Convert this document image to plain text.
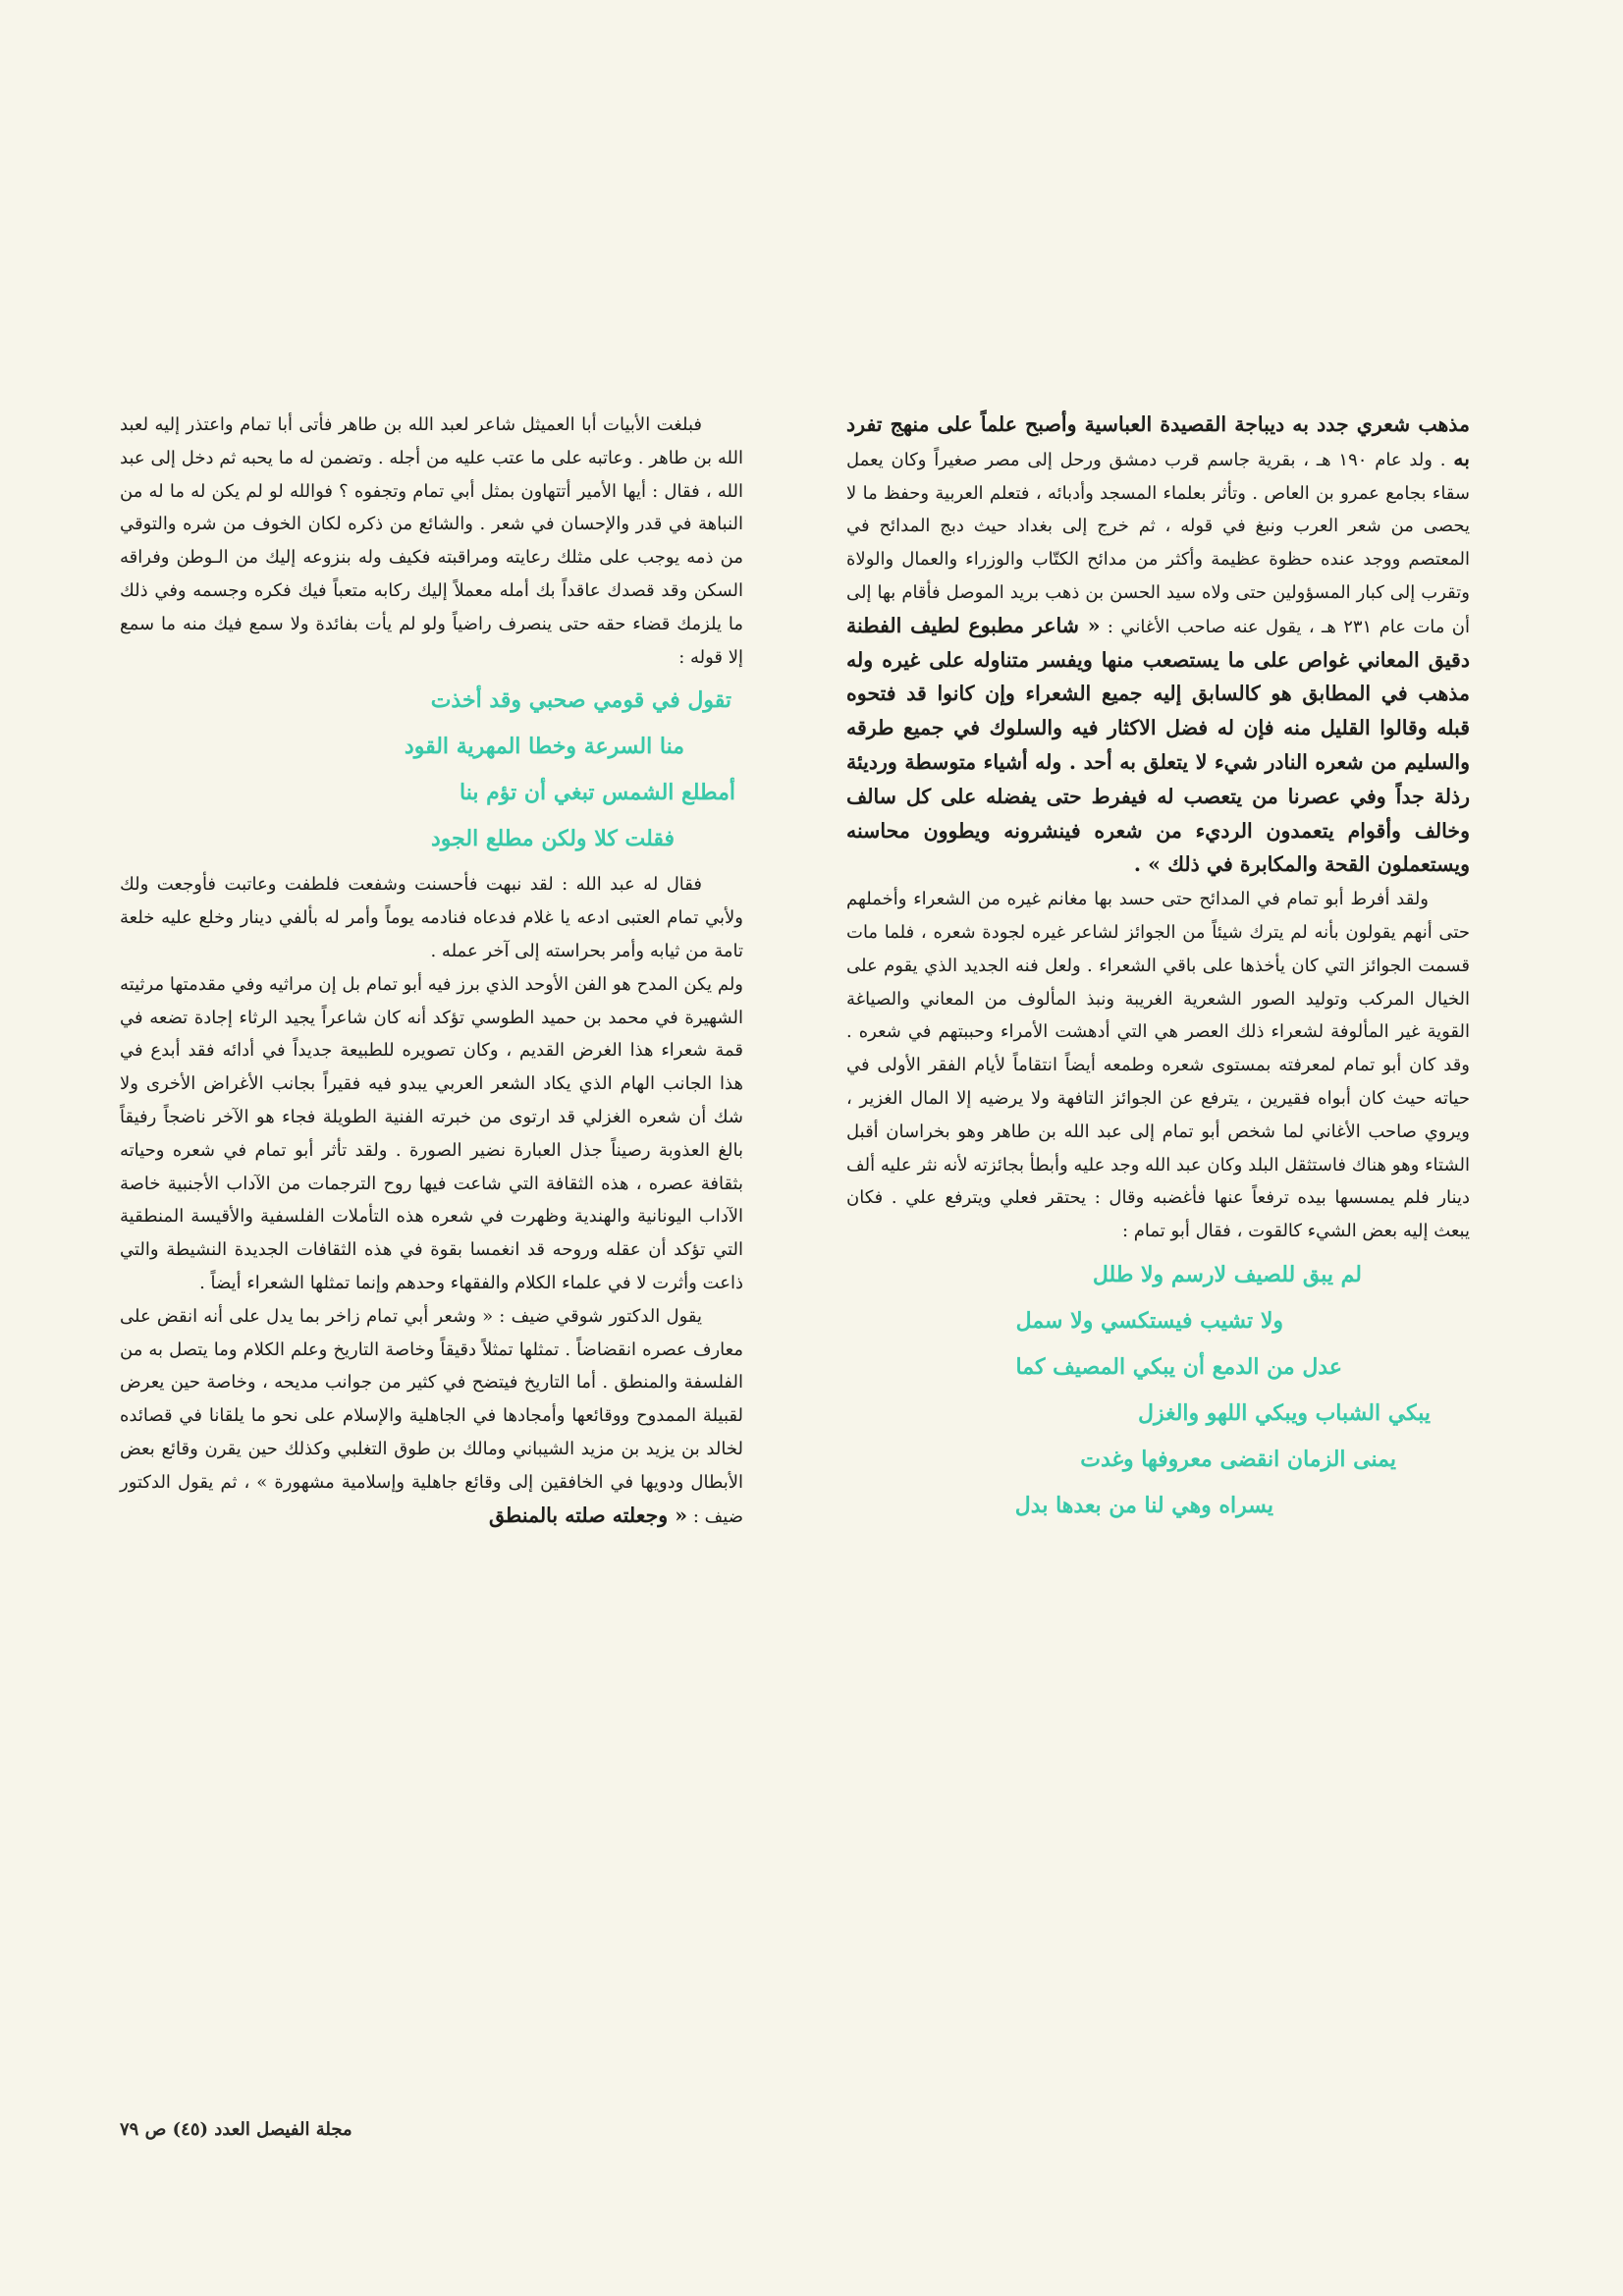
مذهب شعري جدد به ديباجة القصيدة العباسية وأصبح علماً على منهج تفرد به . ولد عام ١٩٠ هـ ، بقرية جاسم قرب دمشق ورحل إلى مصر صغيراً وكان يعمل سقاء بجامع عمرو بن العاص . وتأثر بعلماء المسجد وأدبائه ، فتعلم العربية وحفظ ما لا يحصى من شعر العرب ونبغ في قوله ، ثم خرج إلى بغداد حيث دبج المدائح في المعتصم ووجد عنده حظوة عظيمة وأكثر من مدائح الكتّاب والوزراء والعمال والولاة وتقرب إلى كبار المسؤولين حتى ولاه سيد الحسن بن ذهب بريد الموصل فأقام بها إلى أن مات عام ٢٣١ هـ ، يقول عنه صاحب الأغاني : « شاعر مطبوع لطيف الفطنة دقيق المعاني غواص على ما يستصعب منها ويفسر متناوله على غيره وله مذهب في المطابق هو كالسابق إليه جميع الشعراء وإن كانوا قد فتحوه قبله وقالوا القليل منه فإن له فضل الاكثار فيه والسلوك في جميع طرقه والسليم من شعره النادر شيء لا يتعلق به أحد . وله أشياء متوسطة ورديئة رذلة جداً وفي عصرنا من يتعصب له فيفرط حتى يفضله على كل سالف وخالف وأقوام يتعمدون الرديء من شعره فينشرونه ويطوون محاسنه ويستعملون القحة والمكابرة في ذلك » .

ولقد أفرط أبو تمام في المدائح حتى حسد بها مغانم غيره من الشعراء وأخملهم حتى أنهم يقولون بأنه لم يترك شيئاً من الجوائز لشاعر غيره لجودة شعره ، فلما مات قسمت الجوائز التي كان يأخذها على باقي الشعراء . ولعل فنه الجديد الذي يقوم على الخيال المركب وتوليد الصور الشعرية الغريبة ونبذ المألوف من المعاني والصياغة القوية غير المألوفة لشعراء ذلك العصر هي التي أدهشت الأمراء وحببتهم في شعره . وقد كان أبو تمام لمعرفته بمستوى شعره وطمعه أيضاً انتقاماً لأيام الفقر الأولى في حياته حيث كان أبواه فقيرين ، يترفع عن الجوائز التافهة ولا يرضيه إلا المال الغزير ، ويروي صاحب الأغاني لما شخص أبو تمام إلى عبد الله بن طاهر وهو بخراسان أقبل الشتاء وهو هناك فاستثقل البلد وكان عبد الله وجد عليه وأبطأ بجائزته لأنه نثر عليه ألف دينار فلم يمسسها بيده ترفعاً عنها فأغضبه وقال : يحتقر فعلي ويترفع علي . فكان يبعث إليه بعض الشيء كالقوت ، فقال أبو تمام :

لم يبق للصيف لارسم ولا طلل
ولا تشيب فيستكسي ولا سمل
عدل من الدمع أن يبكي المصيف كما
يبكي الشباب ويبكي اللهو والغزل
يمنى الزمان انقضى معروفها وغدت
يسراه وهي لنا من بعدها بدل

فبلغت الأبيات أبا العميثل شاعر لعبد الله بن طاهر فأتى أبا تمام واعتذر إليه لعبد الله بن طاهر . وعاتبه على ما عتب عليه من أجله . وتضمن له ما يحبه ثم دخل إلى عبد الله ، فقال : أيها الأمير أتتهاون بمثل أبي تمام وتجفوه ؟ فوالله لو لم يكن له ما له من النباهة في قدر والإحسان في شعر . والشائع من ذكره لكان الخوف من شره والتوقي من ذمه يوجب على مثلك رعايته ومراقبته فكيف وله بنزوعه إليك من الـوطن وفراقه السكن وقد قصدك عاقداً بك أمله معملاً إليك ركابه متعباً فيك فكره وجسمه وفي ذلك ما يلزمك قضاء حقه حتى ينصرف راضياً ولو لم يأت بفائدة ولا سمع فيك منه ما سمع إلا قوله :

تقول في قومي صحبي وقد أخذت
منا السرعة وخطا المهرية القود
أمطلع الشمس تبغي أن تؤم بنا
فقلت كلا ولكن مطلع الجود

فقال له عبد الله : لقد نبهت فأحسنت وشفعت فلطفت وعاتبت فأوجعت ولك ولأبي تمام العتبى ادعه يا غلام فدعاه فنادمه يوماً وأمر له بألفي دينار وخلع عليه خلعة تامة من ثيابه وأمر بحراسته إلى آخر عمله .

ولم يكن المدح هو الفن الأوحد الذي برز فيه أبو تمام بل إن مراثيه وفي مقدمتها مرثيته الشهيرة في محمد بن حميد الطوسي تؤكد أنه كان شاعراً يجيد الرثاء إجادة تضعه في قمة شعراء هذا الغرض القديم ، وكان تصويره للطبيعة جديداً في أدائه فقد أبدع في هذا الجانب الهام الذي يكاد الشعر العربي يبدو فيه فقيراً بجانب الأغراض الأخرى ولا شك أن شعره الغزلي قد ارتوى من خبرته الفنية الطويلة فجاء هو الآخر ناضجاً رفيقاً بالغ العذوبة رصيناً جذل العبارة نضير الصورة . ولقد تأثر أبو تمام في شعره وحياته بثقافة عصره ، هذه الثقافة التي شاعت فيها روح الترجمات من الآداب الأجنبية خاصة الآداب اليونانية والهندية وظهرت في شعره هذه التأملات الفلسفية والأقيسة المنطقية التي تؤكد أن عقله وروحه قد انغمسا بقوة في هذه الثقافات الجديدة النشيطة والتي ذاعت وأثرت لا في علماء الكلام والفقهاء وحدهم وإنما تمثلها الشعراء أيضاً .

يقول الدكتور شوقي ضيف : « وشعر أبي تمام زاخر بما يدل على أنه انقض على معارف عصره انقضاضاً . تمثلها تمثلاً دقيقاً وخاصة التاريخ وعلم الكلام وما يتصل به من الفلسفة والمنطق . أما التاريخ فيتضح في كثير من جوانب مديحه ، وخاصة حين يعرض لقبيلة الممدوح ووقائعها وأمجادها في الجاهلية والإسلام على نحو ما يلقانا في قصائده لخالد بن يزيد بن مزيد الشيباني ومالك بن طوق التغلبي وكذلك حين يقرن وقائع بعض الأبطال ودويها في الخافقين إلى وقائع جاهلية وإسلامية مشهورة » ، ثم يقول الدكتور ضيف : « وجعلته صلته بالمنطق

مجلة الفيصل العدد (٤٥) ص ٧٩
